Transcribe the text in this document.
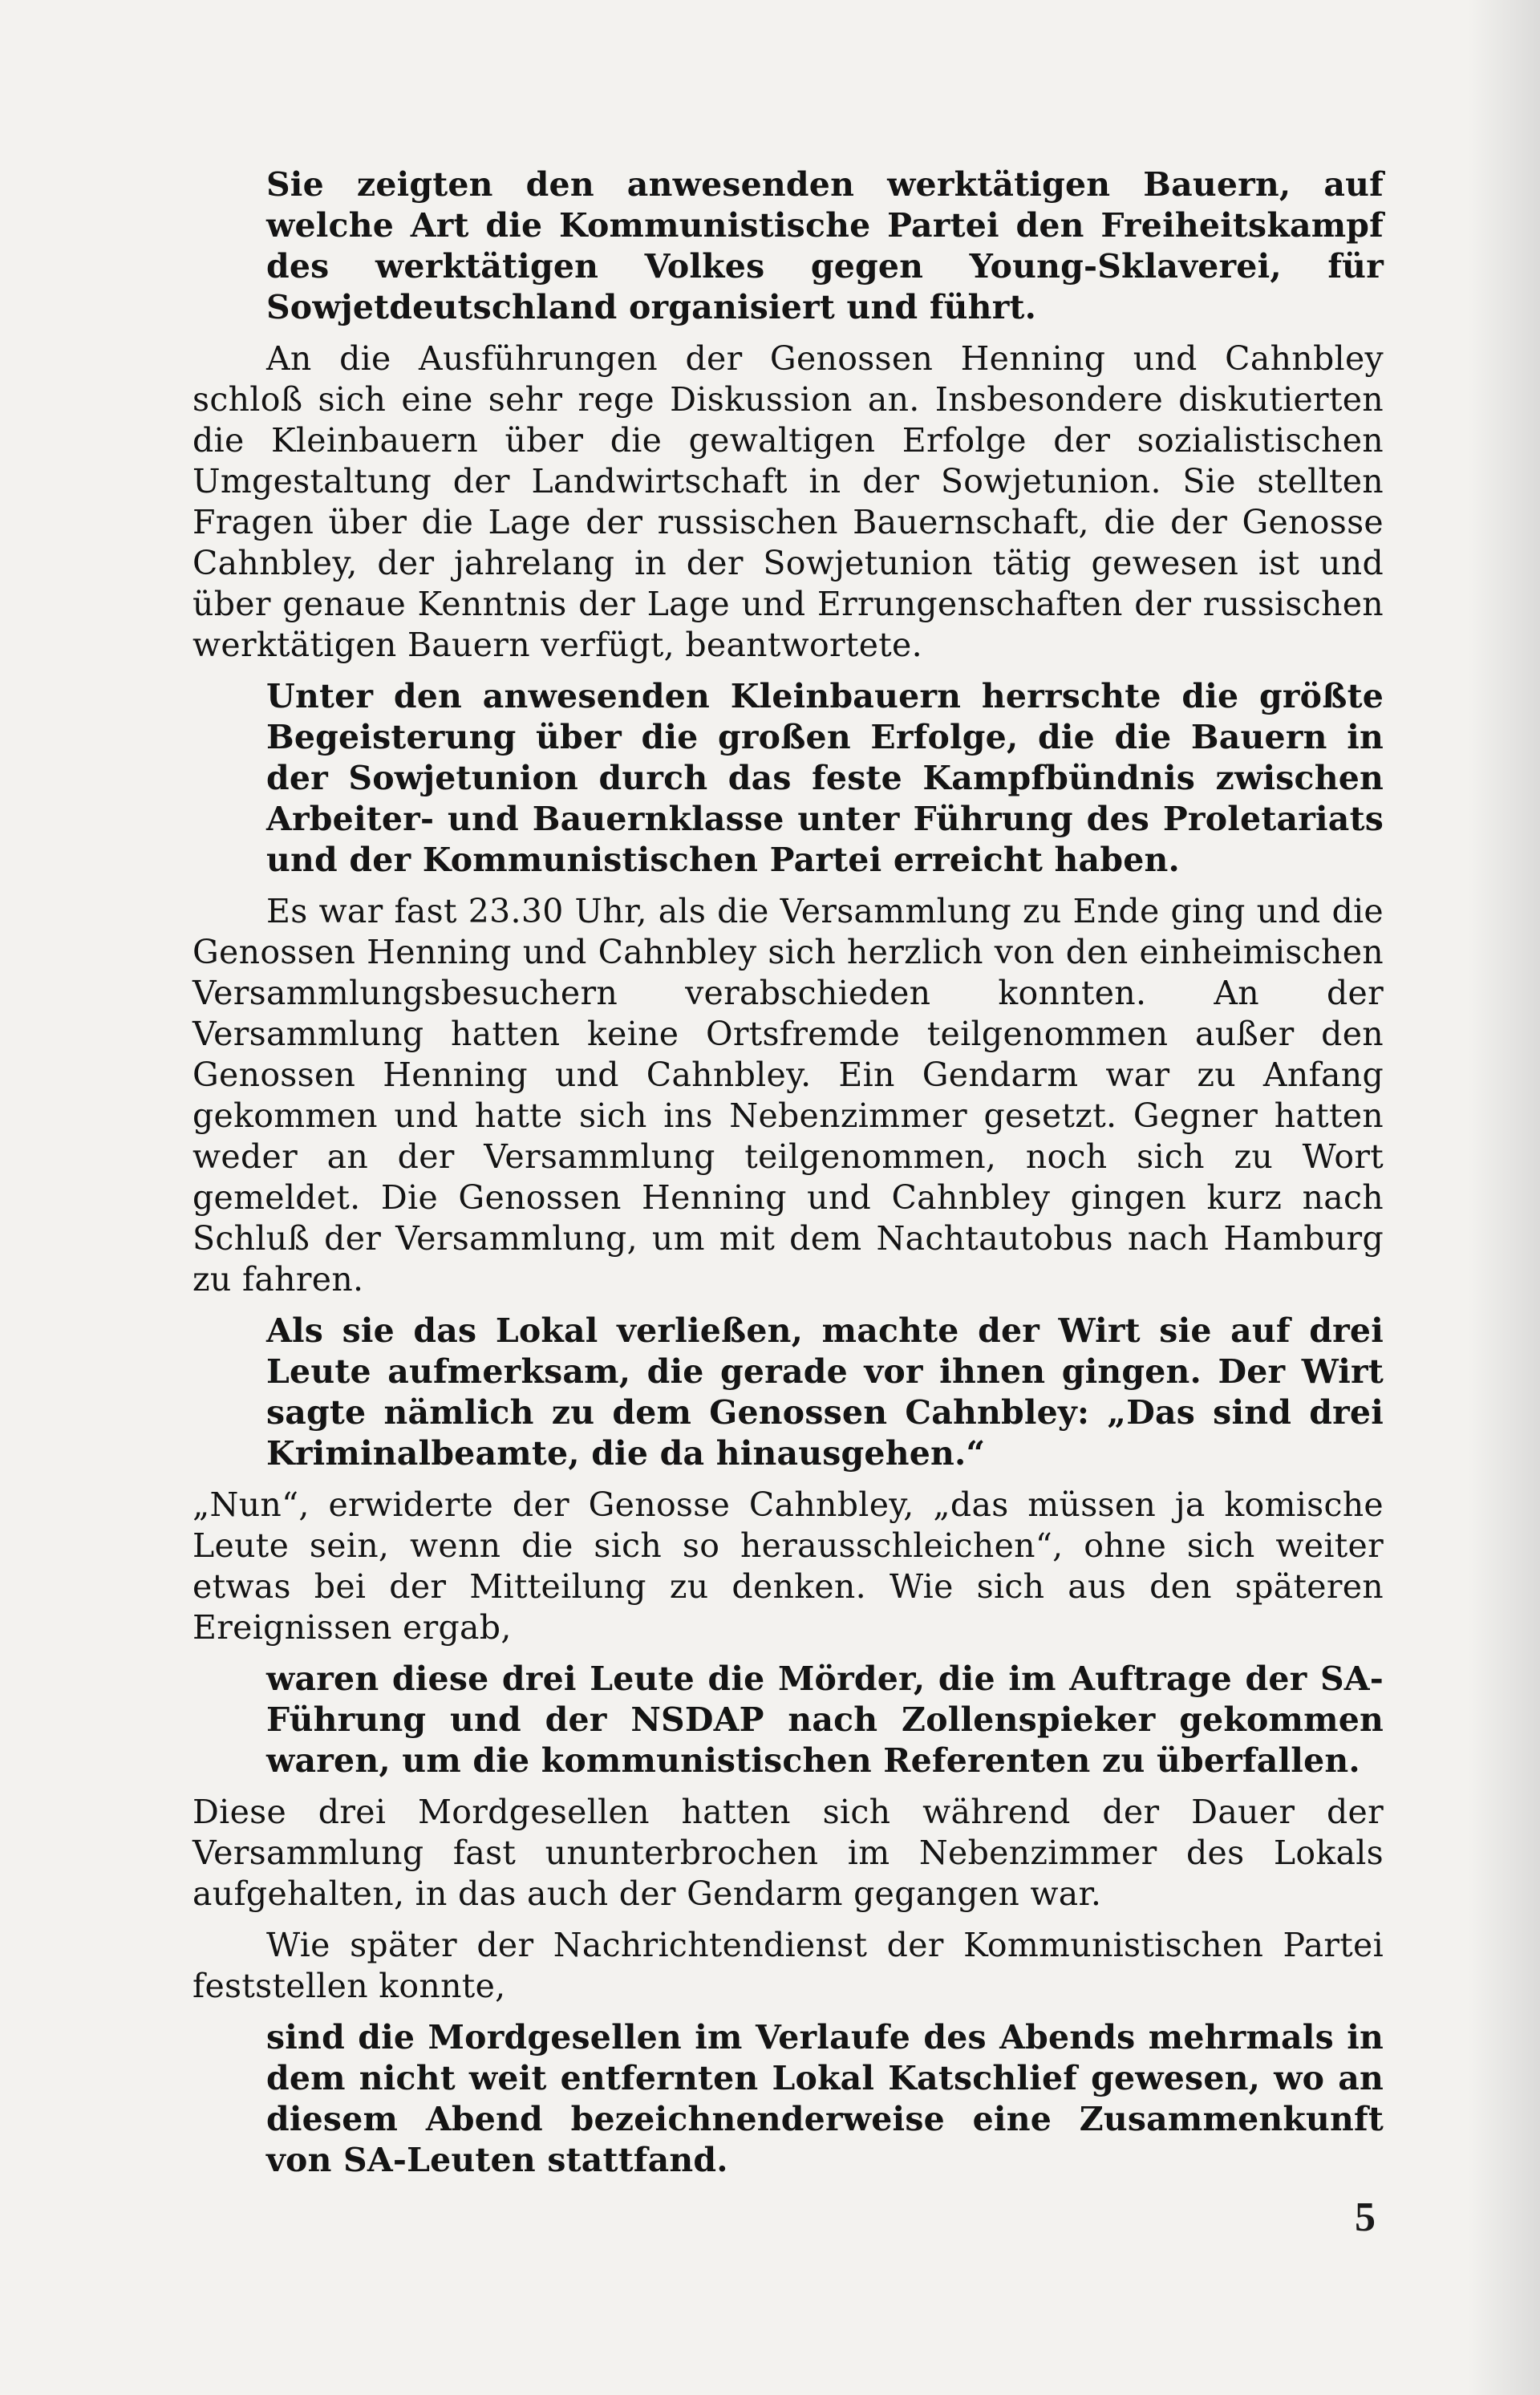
Sie zeigten den anwesenden werktätigen Bauern, auf welche Art die Kommunistische Partei den Freiheitskampf des werktätigen Volkes gegen Young-Sklaverei, für Sowjetdeutschland organisiert und führt.

An die Ausführungen der Genossen Henning und Cahnbley schloß sich eine sehr rege Diskussion an. Insbesondere diskutierten die Kleinbauern über die gewaltigen Erfolge der sozialistischen Umgestaltung der Landwirtschaft in der Sowjetunion. Sie stellten Fragen über die Lage der russischen Bauernschaft, die der Genosse Cahnbley, der jahrelang in der Sowjetunion tätig gewesen ist und über genaue Kenntnis der Lage und Errungenschaften der russischen werktätigen Bauern verfügt, beantwortete.

Unter den anwesenden Kleinbauern herrschte die größte Begeisterung über die großen Erfolge, die die Bauern in der Sowjetunion durch das feste Kampfbündnis zwischen Arbeiter- und Bauernklasse unter Führung des Proletariats und der Kommunistischen Partei erreicht haben.

Es war fast 23.30 Uhr, als die Versammlung zu Ende ging und die Genossen Henning und Cahnbley sich herzlich von den einheimischen Versammlungsbesuchern verabschieden konnten. An der Versammlung hatten keine Ortsfremde teilgenommen außer den Genossen Henning und Cahnbley. Ein Gendarm war zu Anfang gekommen und hatte sich ins Nebenzimmer gesetzt. Gegner hatten weder an der Versammlung teilgenommen, noch sich zu Wort gemeldet. Die Genossen Henning und Cahnbley gingen kurz nach Schluß der Versammlung, um mit dem Nachtautobus nach Hamburg zu fahren.

Als sie das Lokal verließen, machte der Wirt sie auf drei Leute aufmerksam, die gerade vor ihnen gingen. Der Wirt sagte nämlich zu dem Genossen Cahnbley: „Das sind drei Kriminalbeamte, die da hinausgehen.“

„Nun“, erwiderte der Genosse Cahnbley, „das müssen ja komische Leute sein, wenn die sich so herausschleichen“, ohne sich weiter etwas bei der Mitteilung zu denken. Wie sich aus den späteren Ereignissen ergab,

waren diese drei Leute die Mörder, die im Auftrage der SA-Führung und der NSDAP nach Zollenspieker gekommen waren, um die kommunistischen Referenten zu überfallen.

Diese drei Mordgesellen hatten sich während der Dauer der Versammlung fast ununterbrochen im Nebenzimmer des Lokals aufgehalten, in das auch der Gendarm gegangen war.

Wie später der Nachrichtendienst der Kommunistischen Partei feststellen konnte,

sind die Mordgesellen im Verlaufe des Abends mehrmals in dem nicht weit entfernten Lokal Katschlief gewesen, wo an diesem Abend bezeichnenderweise eine Zusammenkunft von SA-Leuten stattfand.

5
